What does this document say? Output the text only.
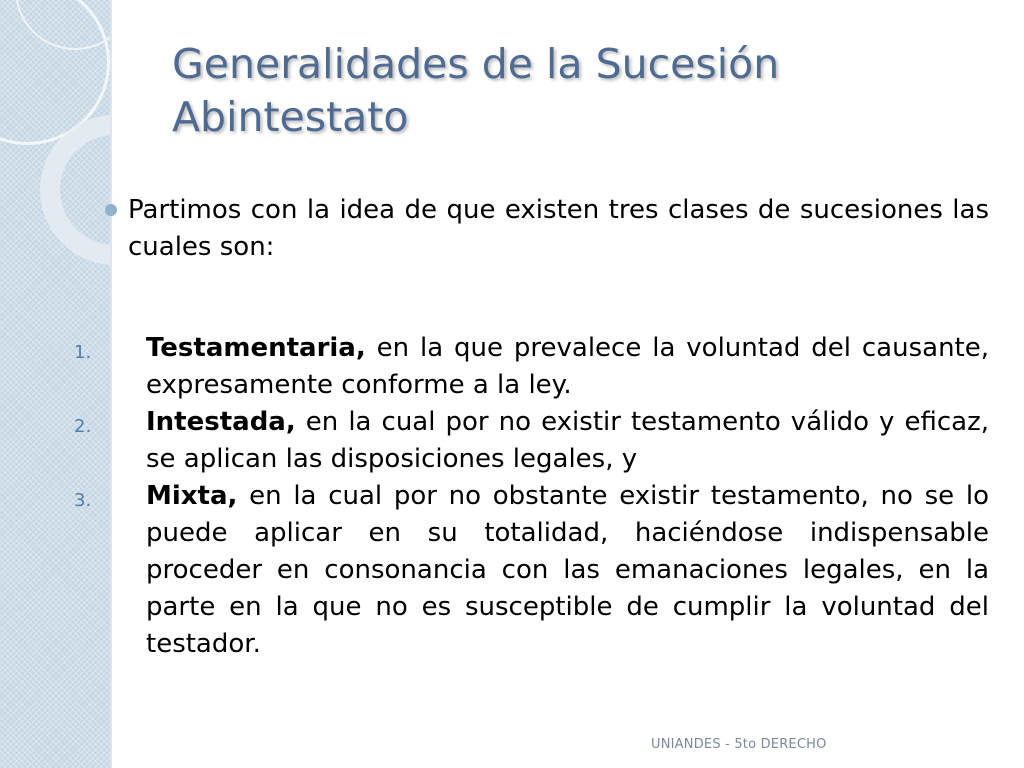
Generalidades de la Sucesión Abintestato
Partimos con la idea de que existen tres clases de sucesiones las cuales son:
1.	Testamentaria, en la que prevalece la voluntad del causante, expresamente conforme a la ley.
2.	Intestada, en la cual por no existir testamento válido y eficaz, se aplican las disposiciones legales, y
3.	Mixta, en la cual por no obstante existir testamento, no se lo puede aplicar en su totalidad, haciéndose indispensable proceder en consonancia con las emanaciones legales, en la parte en la que no es susceptible de cumplir la voluntad del testador.
UNIANDES - 5to DERECHO
